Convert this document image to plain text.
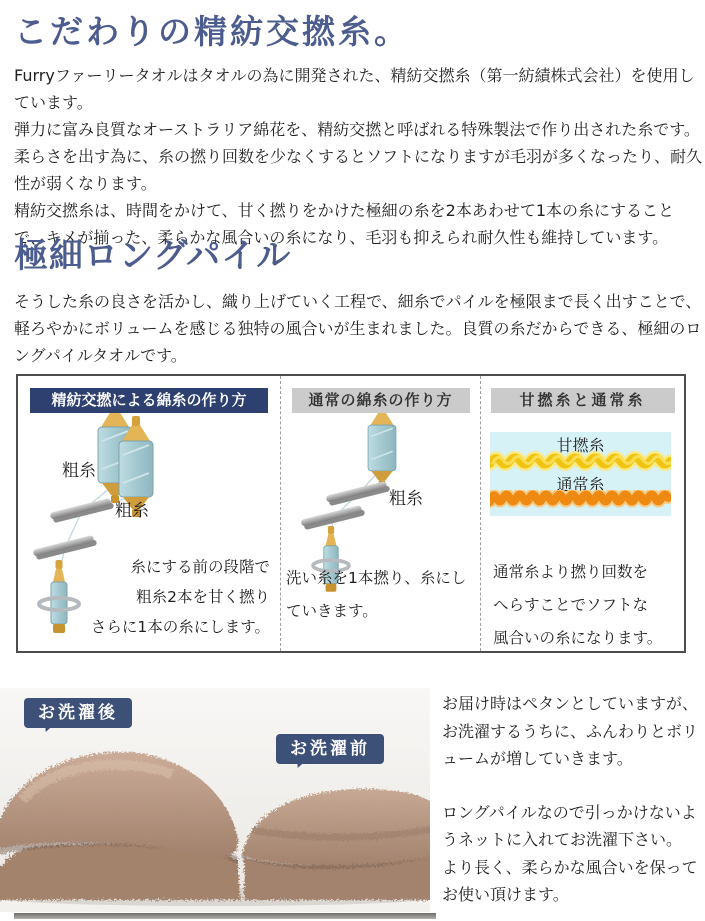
こだわりの精紡交撚糸。
Furryファーリータオルはタオルの為に開発された、精紡交撚糸（第一紡績株式会社）を使用しています。
弾力に富み良質なオーストラリア綿花を、精紡交撚と呼ばれる特殊製法で作り出された糸です。
柔らさを出す為に、糸の撚り回数を少なくするとソフトになりますが毛羽が多くなったり、耐久性が弱くなります。
精紡交撚糸は、時間をかけて、甘く撚りをかけた極細の糸を2本あわせて1本の糸にすることで、キメが揃った、柔らかな風合いの糸になり、毛羽も抑えられ耐久性も維持しています。
極細ロングパイル
そうした糸の良さを活かし、織り上げていく工程で、細糸でパイルを極限まで長く出すことで、軽ろやかにボリュームを感じる独特の風合いが生まれました。良質の糸だからできる、極細のロングパイルタオルです。
精紡交撚による綿糸の作り方
粗糸
粗糸
糸にする前の段階で
粗糸2本を甘く撚り
さらに1本の糸にします。
通常の綿糸の作り方
粗糸
洗い糸を1本撚り、糸にしていきます。
甘撚糸と通常糸
甘撚糸
通常糸
通常糸より撚り回数を
へらすことでソフトな
風合いの糸になります。
お洗濯後
お洗濯前
お届け時はペタンとしていますが、お洗濯するうちに、ふんわりとボリュームが増していきます。
ロングパイルなので引っかけないようネットに入れてお洗濯下さい。
より長く、柔らかな風合いを保ってお使い頂けます。
